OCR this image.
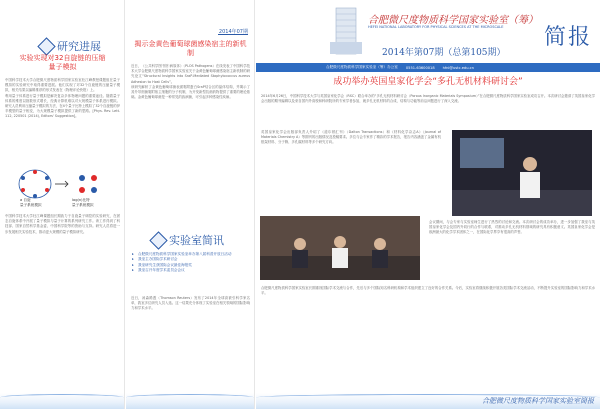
研究进展
实验实现对32自旋链的压缩
量子模拟

中国科学技术大学合肥微尺度物质科学国家实验室杜江峰教授课题组在量子模拟的实验研究中取得重要进展。他们实现了对32个自旋链的压缩量子模拟，相关结果以编辑推荐的形式发表在《物理评论快报》上。

利用量子体系进行量子模拟是解决复杂多体物理问题的重要途径。随着量子体系的维度以指数形式增长，经典计算机难以对大规模量子体系进行模拟。研究人员利用压缩量子模拟的方法，在4个量子比特上模拟了32个自旋链的伊辛模型的量子相变，为大规模量子模拟提供了新的思路。[Phys. Rev. Lett. 112, 220501 (2014), Editors' Suggestion]。

a 自旋
量子系统模拟
log(n)比特
量子系统模拟

中国科学技术大学杜江峰课题组长期致力于自旋量子调控的实验研究，在固态自旋体系中开展了量子模拟与量子计算的系列研究工作。该工作得到了科技部、国家自然科学基金委、中国科学院等的资助与支持。研究人员将进一步发展相关实验技术，推动更大规模的量子模拟研究。

2014年07期
揭示金黄色葡萄球菌感染宿主的新机制

近日，《公共科学图书馆·病原体》（PLOS Pathogens）在线发表了中国科学技术大学合肥微尺度物质科学国家实验室关于金黄色葡萄球菌感染宿主新机制的研究论文“Structural Insights into SraP-Mediated Staphylococcus aureus Adhesion to Host Cells”。

该研究解析了金黄色葡萄球菌表面黏附蛋白SraP结合区的晶体结构，并揭示了其介导细菌黏附宿主细胞的分子机制，为开发新型抗菌药物提供了重要的理论基础。金黄色葡萄球菌是一种常见的致病菌，可引起多种感染性疾病。

实验室简讯
▸ 合肥微尺度物质科学国家实验室举办第八届科普开放日活动
▸ 我室主办国际学术研讨会
▸ 我室研究生获国际会议最佳海报奖
▸ 我室召开年度学术委员会会议

近日，汤森路透（Thomson Reuters）发布了2014年全球高被引科学家名单，我室多位研究人员入选。这一结果充分体现了实验室在相关领域的国际影响力和学术水平。

合肥微尺度物质科学国家实验室（筹）
HEFEI NATIONAL LABORATORY FOR PHYSICAL SCIENCES AT THE MICROSCALE
2014年第07期（总第105期）
简报
合肥微尺度物质科学国家实验室（筹）办公室 0551-63600018 hfnl@ustc.edu.cn
成功举办英国皇家化学会“多孔无机材料研讨会”

2014年6月26日，中国科学技术大学与英国皇家化学会（RSC）联合举办的“多孔无机材料研讨会（Porous Inorganic Materials Symposium）”在合肥微尺度物质科学国家实验室成功召开。本次研讨会邀请了英国皇家化学会出版的期刊编辑以及来自国内外高校和科研院所的专家学者参加，就多孔无机材料的合成、结构与功能等前沿问题进行了深入交流。

英国皇家化学会出版部负责人介绍了《道尔顿汇刊》（Dalton Transactions）和《材料化学杂志A》（Journal of Materials Chemistry A）等期刊的出版情况及投稿要求。多位与会专家作了精彩的学术报告，报告内容涵盖了金属有机框架材料、分子筛、多孔碳材料等多个研究方向。

会议期间，与会专家与实验室师生进行了热烈的讨论和交流。本次研讨会的成功举办，进一步加强了我室与英国皇家化学会及国内外同行的合作与联系，对推动多孔无机材料领域的研究具有积极意义。英国皇家化学会是欧洲最大的化学学术团体之一，在国际化学界享有很高的声誉。

合肥微尺度物质科学国家实验室长期重视国际学术交流与合作，先后与多个国际知名科研机构和学术组织建立了良好的合作关系。今后，实验室将继续积极开展各类国际学术交流活动，不断提升实验室的国际影响力和学术水平。

合肥微尺度物质科学国家实验室简报
